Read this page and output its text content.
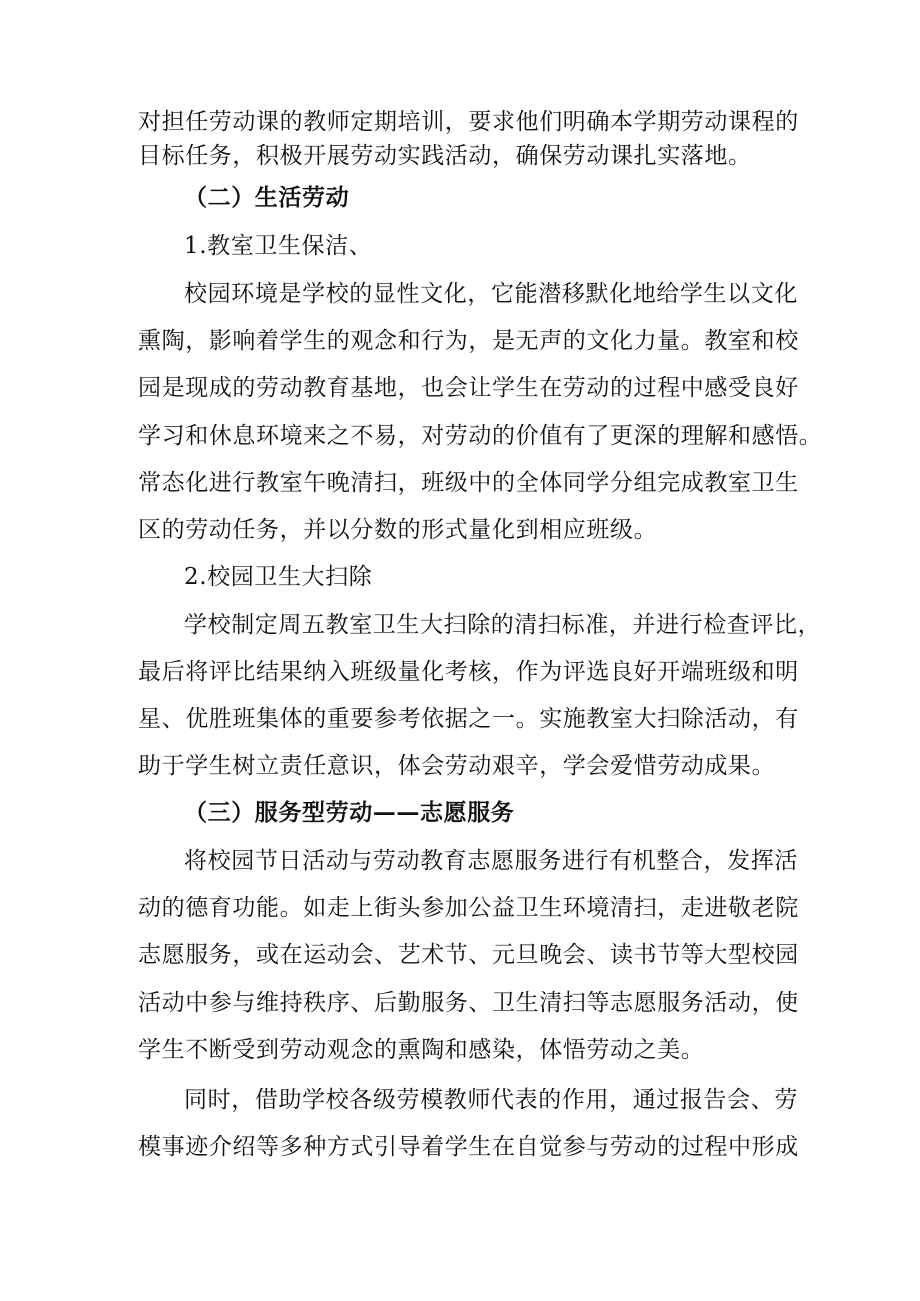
对担任劳动课的教师定期培训，要求他们明确本学期劳动课程的
目标任务，积极开展劳动实践活动，确保劳动课扎实落地。
（二）生活劳动
1.教室卫生保洁、
校园环境是学校的显性文化，它能潜移默化地给学生以文化
熏陶，影响着学生的观念和行为，是无声的文化力量。教室和校
园是现成的劳动教育基地，也会让学生在劳动的过程中感受良好
学习和休息环境来之不易，对劳动的价值有了更深的理解和感悟。
常态化进行教室午晚清扫，班级中的全体同学分组完成教室卫生
区的劳动任务，并以分数的形式量化到相应班级。
2.校园卫生大扫除
学校制定周五教室卫生大扫除的清扫标准，并进行检查评比，
最后将评比结果纳入班级量化考核，作为评选良好开端班级和明
星、优胜班集体的重要参考依据之一。实施教室大扫除活动，有
助于学生树立责任意识，体会劳动艰辛，学会爱惜劳动成果。
（三）服务型劳动——志愿服务
将校园节日活动与劳动教育志愿服务进行有机整合，发挥活
动的德育功能。如走上街头参加公益卫生环境清扫，走进敬老院
志愿服务，或在运动会、艺术节、元旦晚会、读书节等大型校园
活动中参与维持秩序、后勤服务、卫生清扫等志愿服务活动，使
学生不断受到劳动观念的熏陶和感染，体悟劳动之美。
同时，借助学校各级劳模教师代表的作用，通过报告会、劳
模事迹介绍等多种方式引导着学生在自觉参与劳动的过程中形成
